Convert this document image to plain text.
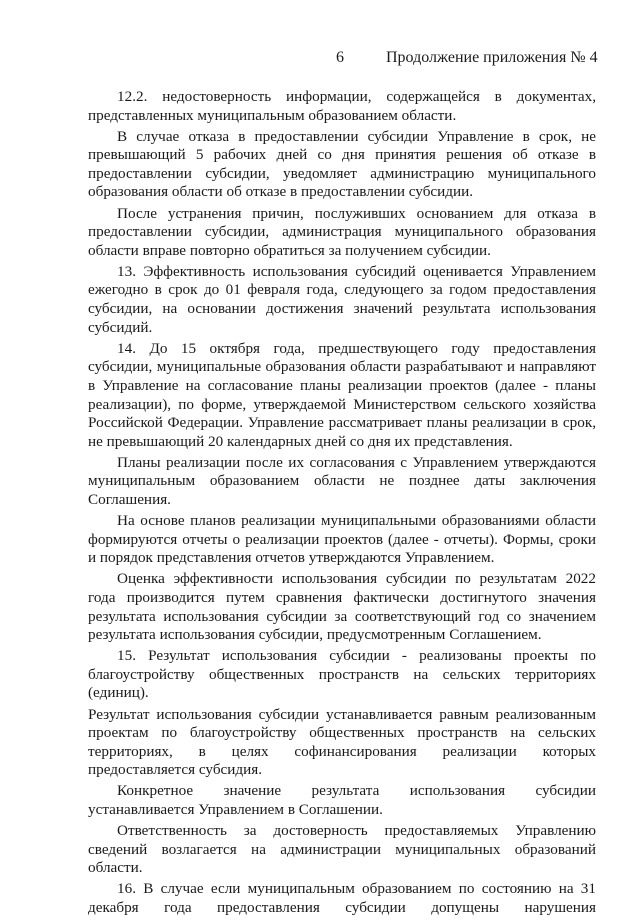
6	Продолжение приложения № 4

12.2. недостоверность информации, содержащейся в документах, представленных муниципальным образованием области.

В случае отказа в предоставлении субсидии Управление в срок, не превышающий 5 рабочих дней со дня принятия решения об отказе в предоставлении субсидии, уведомляет администрацию муниципального образования области об отказе в предоставлении субсидии.

После устранения причин, послуживших основанием для отказа в предоставлении субсидии, администрация муниципального образования области вправе повторно обратиться за получением субсидии.

13. Эффективность использования субсидий оценивается Управлением ежегодно в срок до 01 февраля года, следующего за годом предоставления субсидии, на основании достижения значений результата использования субсидий.

14. До 15 октября года, предшествующего году предоставления субсидии, муниципальные образования области разрабатывают и направляют в Управление на согласование планы реализации проектов (далее - планы реализации), по форме, утверждаемой Министерством сельского хозяйства Российской Федерации. Управление рассматривает планы реализации в срок, не превышающий 20 календарных дней со дня их представления.

Планы реализации после их согласования с Управлением утверждаются муниципальным образованием области не позднее даты заключения Соглашения.

На основе планов реализации муниципальными образованиями области формируются отчеты о реализации проектов (далее - отчеты). Формы, сроки и порядок представления отчетов утверждаются Управлением.

Оценка эффективности использования субсидии по результатам 2022 года производится путем сравнения фактически достигнутого значения результата использования субсидии за соответствующий год со значением результата использования субсидии, предусмотренным Соглашением.

15. Результат использования субсидии - реализованы проекты по благоустройству общественных пространств на сельских территориях (единиц).

Результат использования субсидии устанавливается равным реализованным проектам по благоустройству общественных пространств на сельских территориях, в целях софинансирования реализации которых предоставляется субсидия.

Конкретное значение результата использования субсидии устанавливается Управлением в Соглашении.

Ответственность за достоверность предоставляемых Управлению сведений возлагается на администрации муниципальных образований области.

16. В случае если муниципальным образованием по состоянию на 31 декабря года предоставления субсидии допущены нарушения
